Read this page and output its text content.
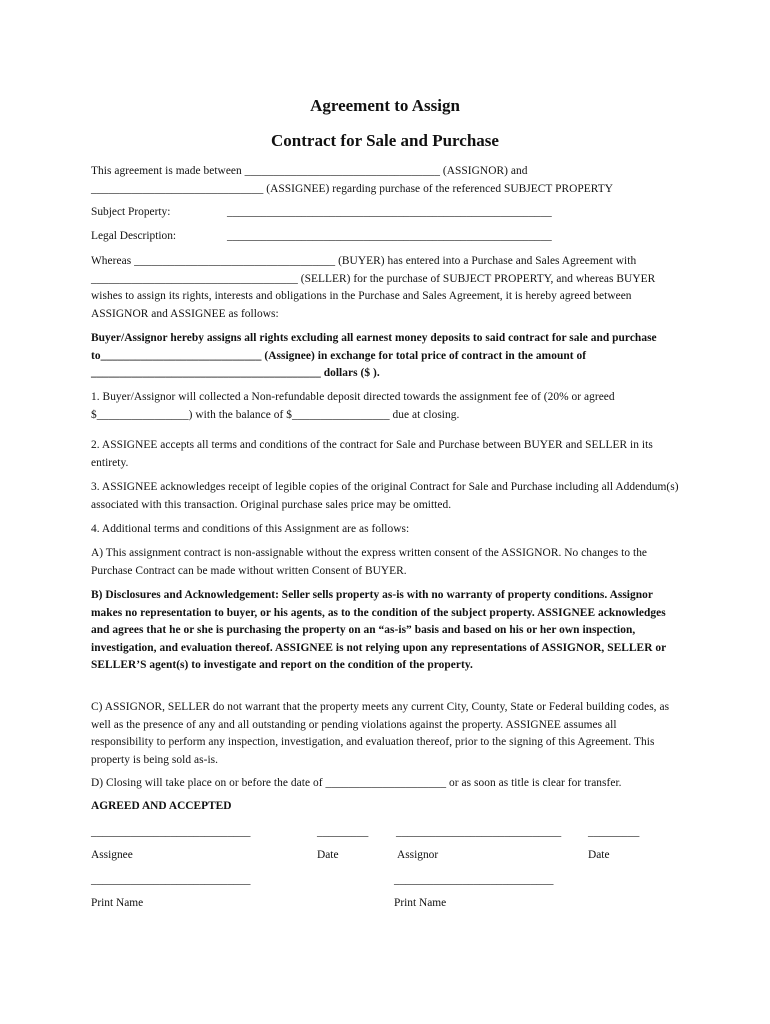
Agreement to Assign
Contract for Sale and Purchase

This agreement is made between __________________________________ (ASSIGNOR) and ______________________________ (ASSIGNEE) regarding purchase of the referenced SUBJECT PROPERTY

Subject Property:	_________________________________________________________
Legal Description:	_________________________________________________________

Whereas ___________________________________ (BUYER) has entered into a Purchase and Sales Agreement with ____________________________________ (SELLER) for the purchase of SUBJECT PROPERTY, and whereas BUYER wishes to assign its rights, interests and obligations in the Purchase and Sales Agreement, it is hereby agreed between ASSIGNOR and ASSIGNEE as follows:

Buyer/Assignor hereby assigns all rights excluding all earnest money deposits to said contract for sale and purchase to____________________________ (Assignee) in exchange for total price of contract in the amount of ________________________________________ dollars ($ ).

1. Buyer/Assignor will collected a Non-refundable deposit directed towards the assignment fee of (20% or agreed $________________) with the balance of $_________________ due at closing.

2. ASSIGNEE accepts all terms and conditions of the contract for Sale and Purchase between BUYER and SELLER in its entirety.

3. ASSIGNEE acknowledges receipt of legible copies of the original Contract for Sale and Purchase including all Addendum(s) associated with this transaction. Original purchase sales price may be omitted.

4. Additional terms and conditions of this Assignment are as follows:

A) This assignment contract is non-assignable without the express written consent of the ASSIGNOR. No changes to the Purchase Contract can be made without written Consent of BUYER.

B) Disclosures and Acknowledgement: Seller sells property as-is with no warranty of property conditions. Assignor makes no representation to buyer, or his agents, as to the condition of the subject property. ASSIGNEE acknowledges and agrees that he or she is purchasing the property on an “as-is” basis and based on his or her own inspection, investigation, and evaluation thereof. ASSIGNEE is not relying upon any representations of ASSIGNOR, SELLER or SELLER’S agent(s) to investigate and report on the condition of the property.

C) ASSIGNOR, SELLER do not warrant that the property meets any current City, County, State or Federal building codes, as well as the presence of any and all outstanding or pending violations against the property. ASSIGNEE assumes all responsibility to perform any inspection, investigation, and evaluation thereof, prior to the signing of this Agreement. This property is being sold as-is.

D) Closing will take place on or before the date of _____________________ or as soon as title is clear for transfer.

AGREED AND ACCEPTED
____________________________	_________ _____________________________ _________
Assignee	Date	Assignor	Date
____________________________	____________________________
Print Name	Print Name
